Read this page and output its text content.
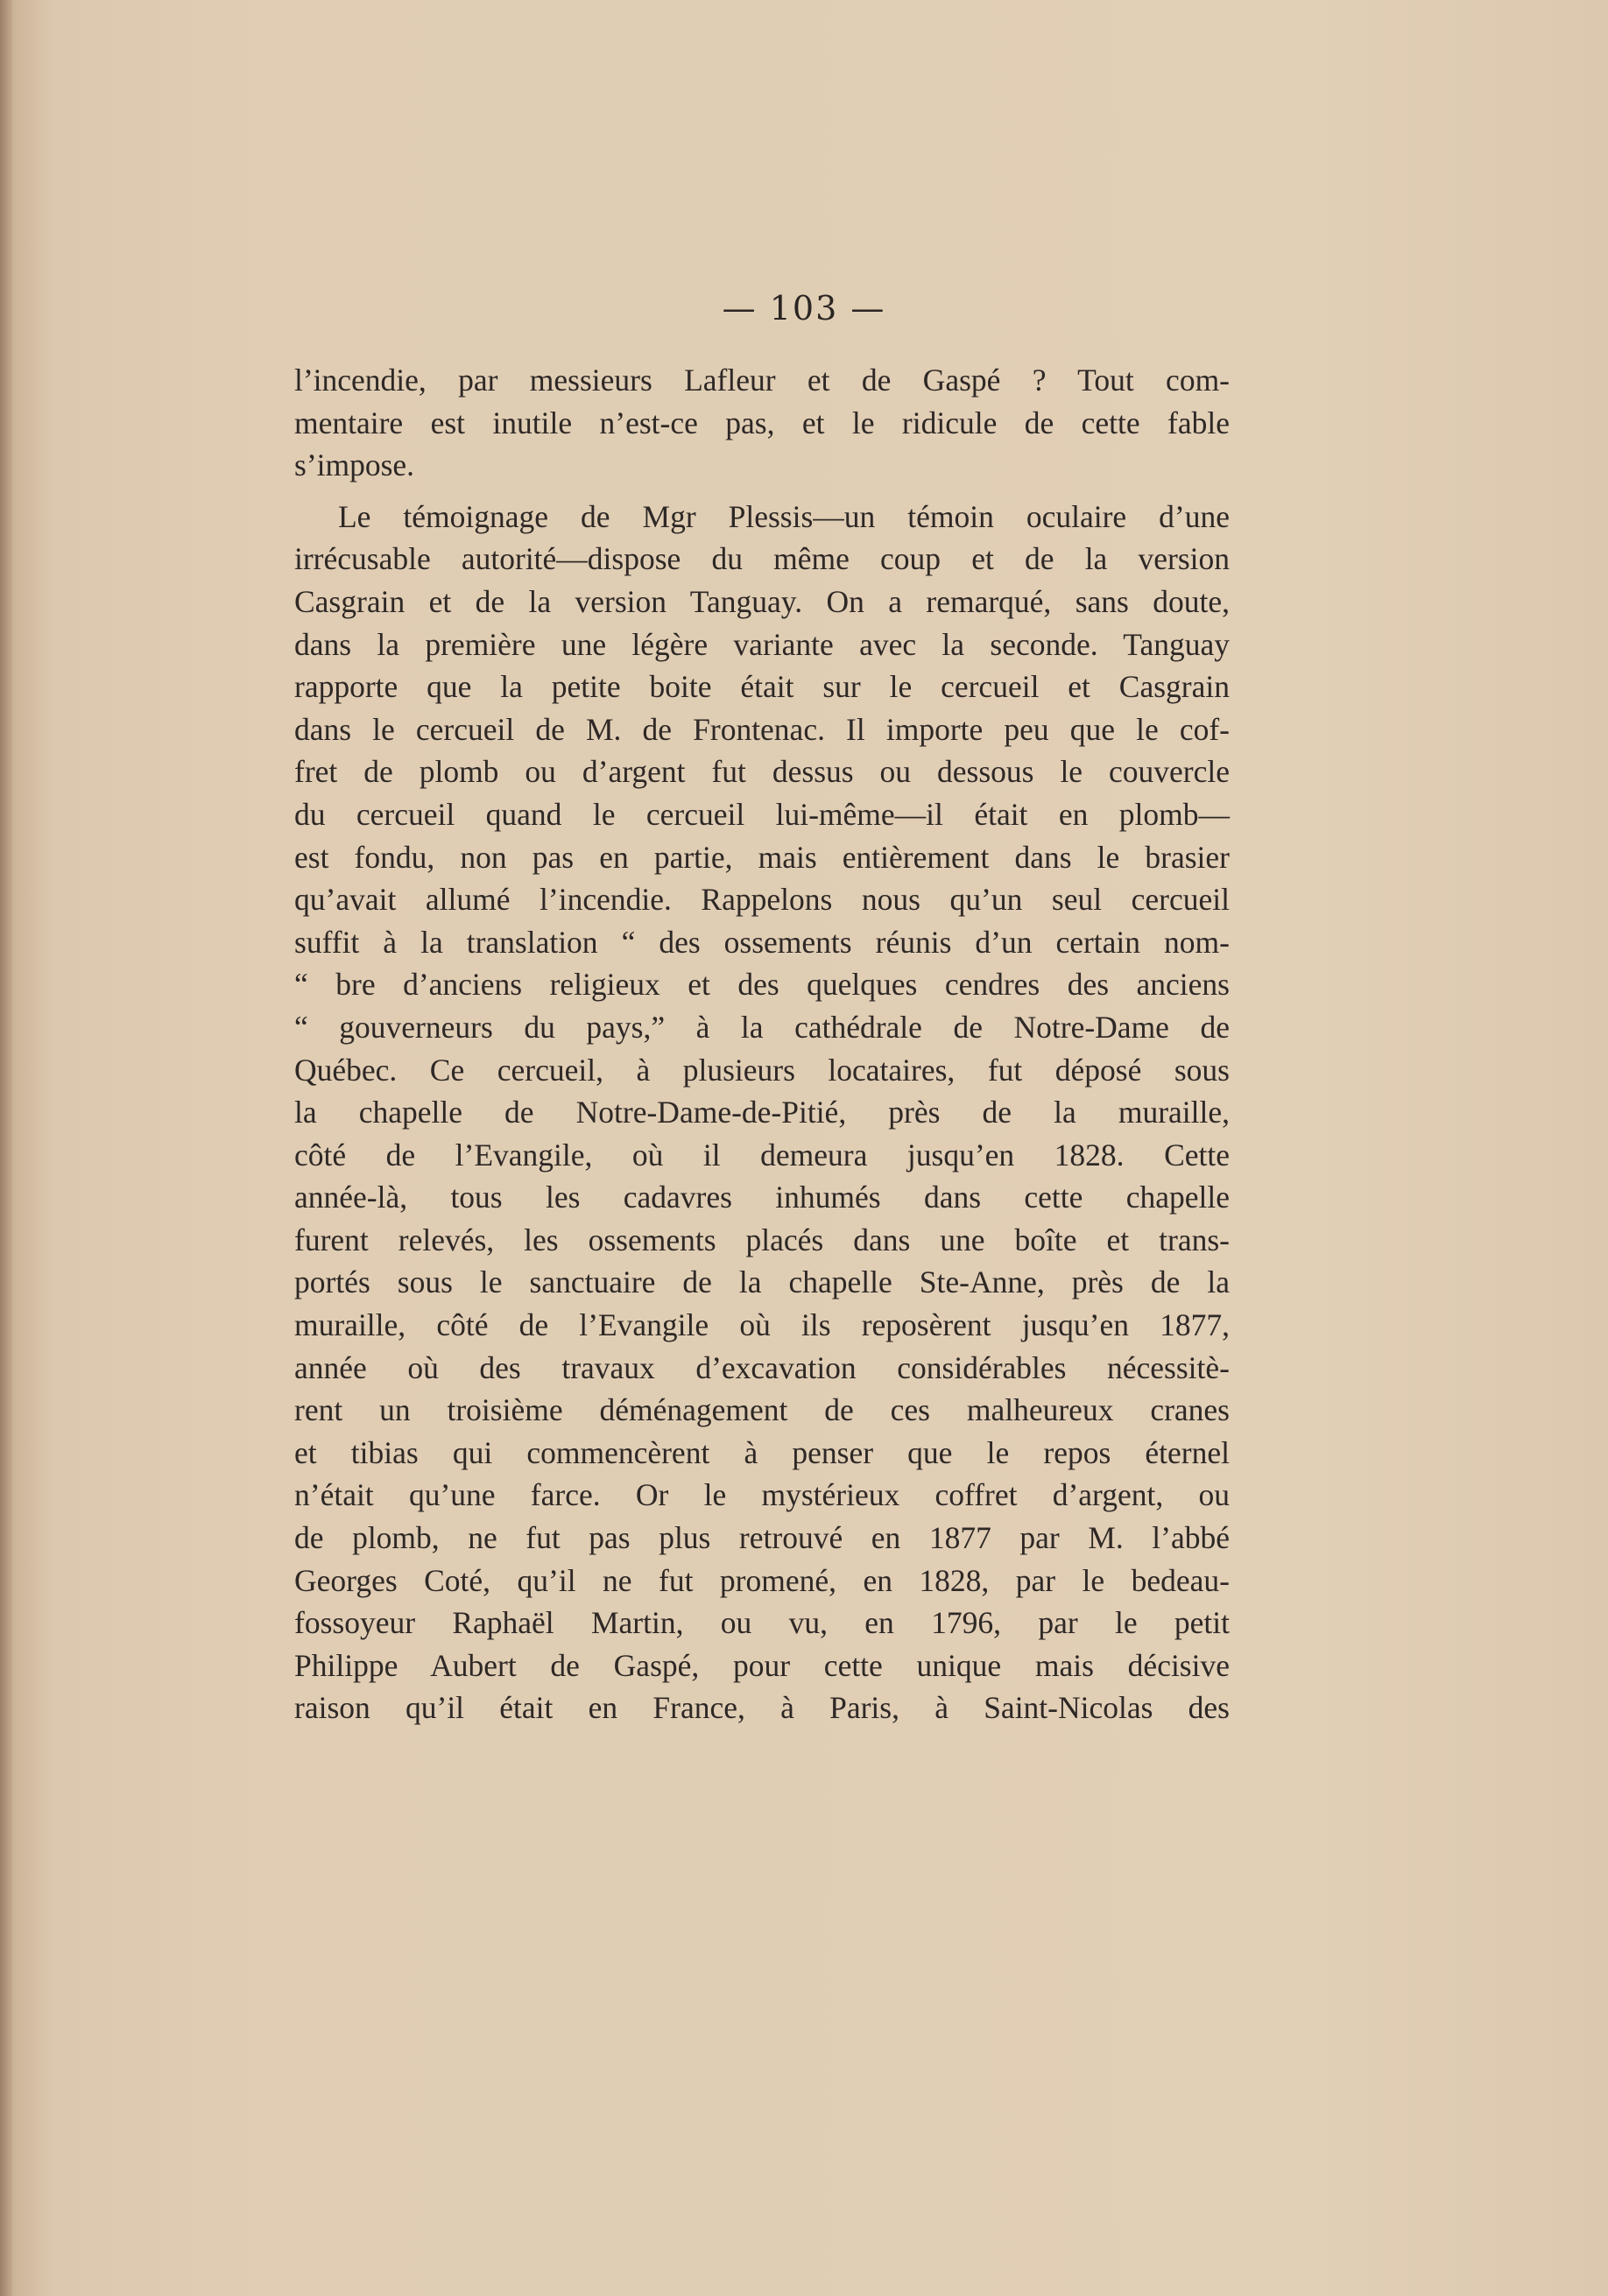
— 103 —
l’incendie, par messieurs Lafleur et de Gaspé ? Tout com-
mentaire est inutile n’est-ce pas, et le ridicule de cette fable
s’impose.
Le témoignage de Mgr Plessis—un témoin oculaire d’une
irrécusable autorité—dispose du même coup et de la version
Casgrain et de la version Tanguay. On a remarqué, sans doute,
dans la première une légère variante avec la seconde. Tanguay
rapporte que la petite boite était sur le cercueil et Casgrain
dans le cercueil de M. de Frontenac. Il importe peu que le cof-
fret de plomb ou d’argent fut dessus ou dessous le couvercle
du cercueil quand le cercueil lui-même—il était en plomb—
est fondu, non pas en partie, mais entièrement dans le brasier
qu’avait allumé l’incendie. Rappelons nous qu’un seul cercueil
suffit à la translation “ des ossements réunis d’un certain nom-
“ bre d’anciens religieux et des quelques cendres des anciens
“ gouverneurs du pays,” à la cathédrale de Notre-Dame de
Québec. Ce cercueil, à plusieurs locataires, fut déposé sous
la chapelle de Notre-Dame-de-Pitié, près de la muraille,
côté de l’Evangile, où il demeura jusqu’en 1828. Cette
année-là, tous les cadavres inhumés dans cette chapelle
furent relevés, les ossements placés dans une boîte et trans-
portés sous le sanctuaire de la chapelle Ste-Anne, près de la
muraille, côté de l’Evangile où ils reposèrent jusqu’en 1877,
année où des travaux d’excavation considérables nécessitè-
rent un troisième déménagement de ces malheureux cranes
et tibias qui commencèrent à penser que le repos éternel
n’était qu’une farce. Or le mystérieux coffret d’argent, ou
de plomb, ne fut pas plus retrouvé en 1877 par M. l’abbé
Georges Coté, qu’il ne fut promené, en 1828, par le bedeau-
fossoyeur Raphaël Martin, ou vu, en 1796, par le petit
Philippe Aubert de Gaspé, pour cette unique mais décisive
raison qu’il était en France, à Paris, à Saint-Nicolas des
